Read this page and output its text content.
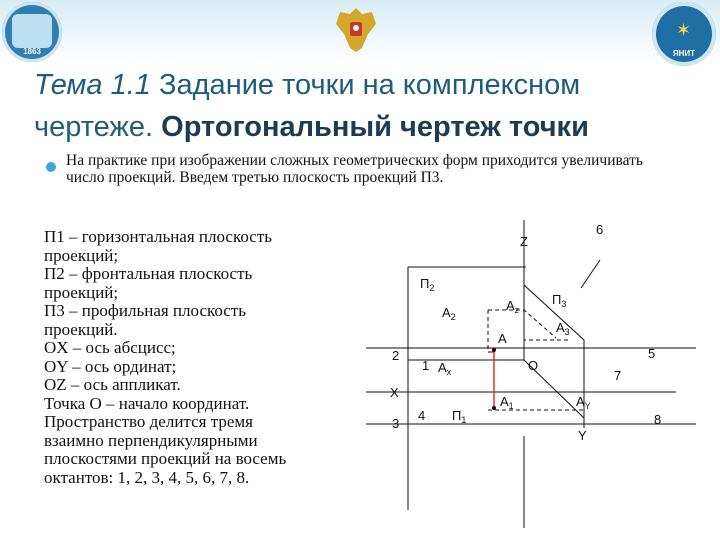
1863
✶
ЯНИТ
Тема 1.1 Задание точки на комплексном чертеже. Ортогональный чертеж точки
На практике при изображении сложных геометрических форм приходится увеличивать число проекций. Введем третью плоскость проекций П3.
П1 – горизонтальная плоскость
проекций;
П2 – фронтальная плоскость
проекций;
П3 – профильная плоскость
проекций.
ОX – ось абсцисс;
ОY – ось ординат;
ОZ – ось аппликат.
Точка О – начало координат.
Пространство делится тремя
взаимно перпендикулярными
плоскостями проекций на восемь
октантов: 1, 2, 3, 4, 5, 6, 7, 8.
Z
X
Y
O
A
$П_2$
$П_3$
$П_1$
$A_2$
$A_z$
$A_3$
$A_x$
$A_1$	$A_Y$
1
2
3
4
5
6
7
8
